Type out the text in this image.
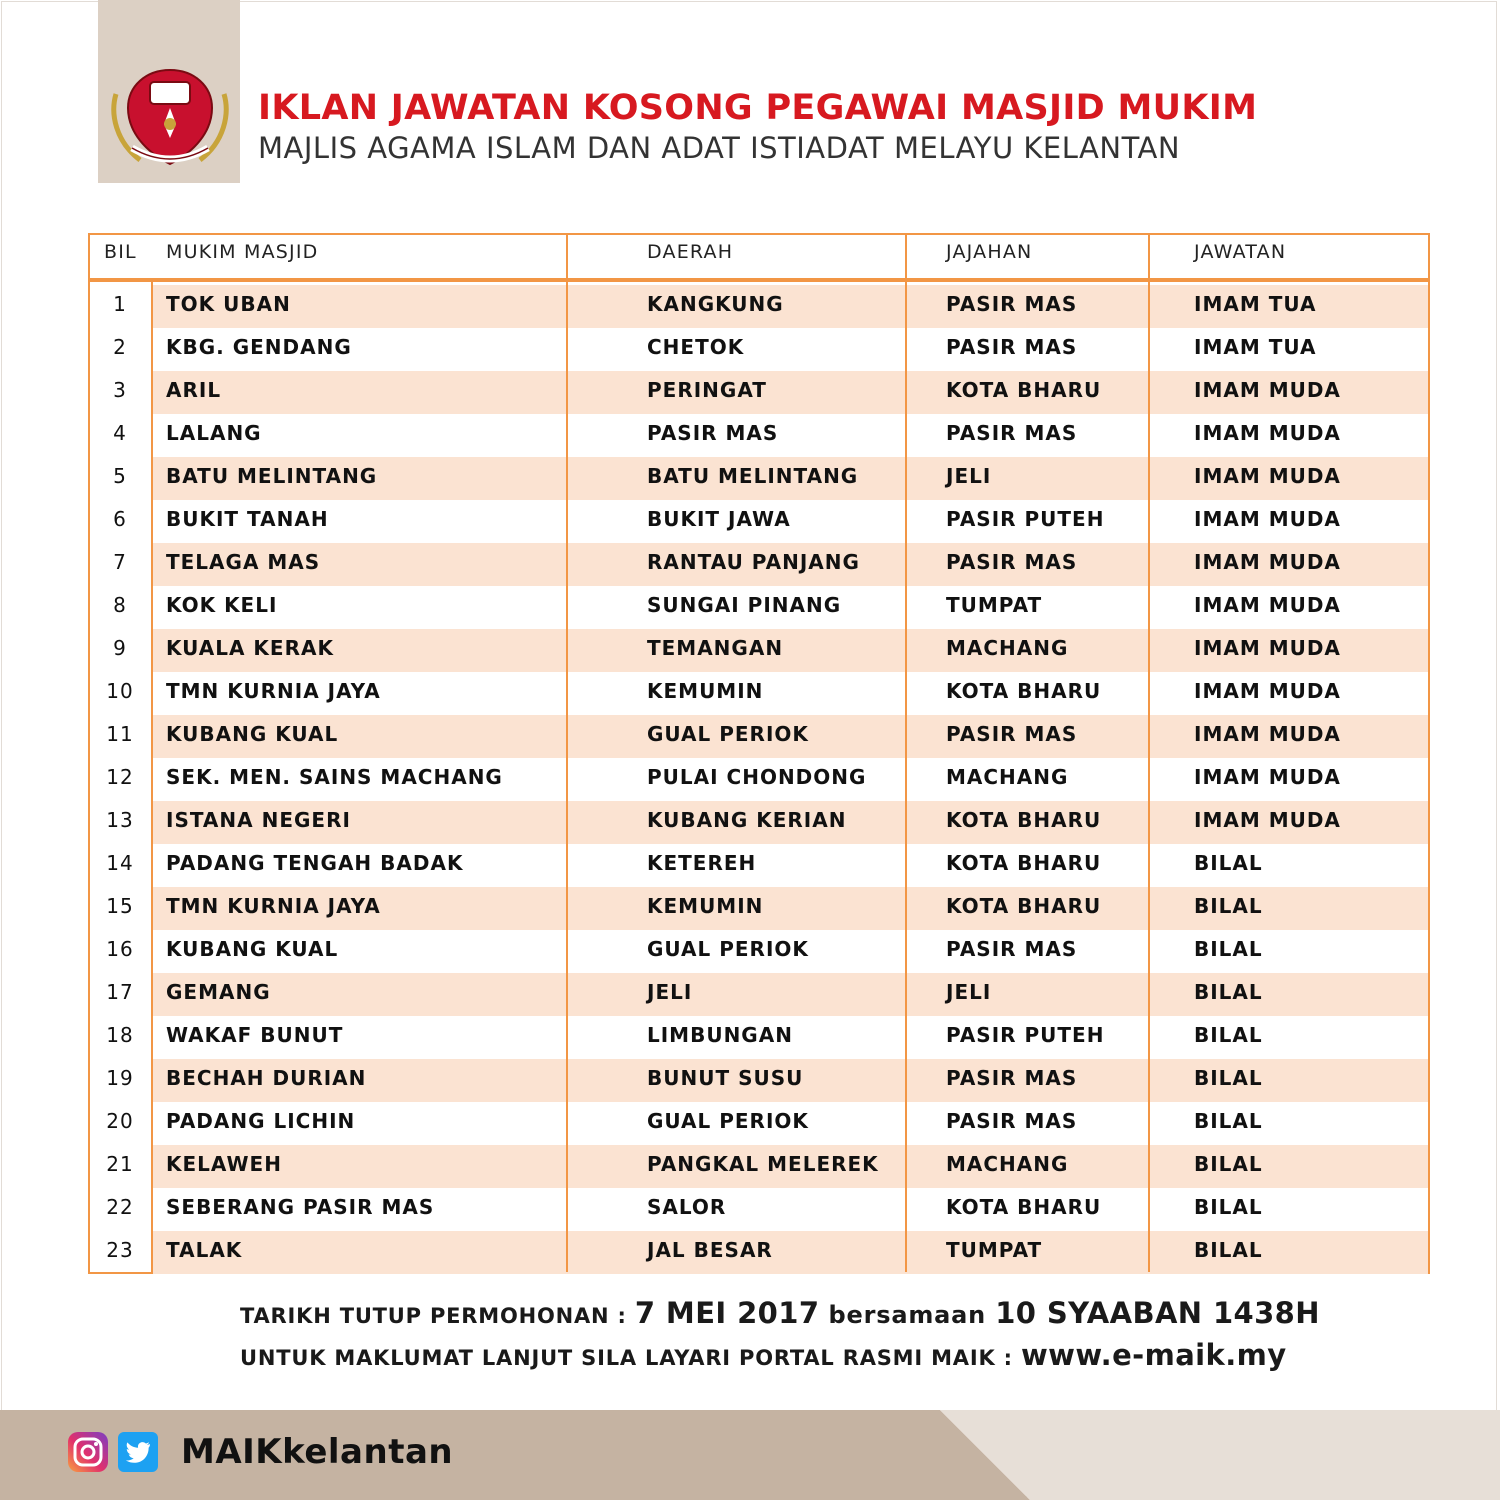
IKLAN JAWATAN KOSONG PEGAWAI MASJID MUKIM
MAJLIS AGAMA ISLAM DAN ADAT ISTIADAT MELAYU KELANTAN
BIL MUKIM MASJID	DAERAH	JAJAHAN	JAWATAN
1	TOK UBAN	KANGKUNG	PASIR MAS	IMAM TUA
2	KBG. GENDANG	CHETOK	PASIR MAS	IMAM TUA
3	ARIL	PERINGAT	KOTA BHARU	IMAM MUDA
4	LALANG	PASIR MAS	PASIR MAS	IMAM MUDA
5	BATU MELINTANG	BATU MELINTANG	JELI	IMAM MUDA
6	BUKIT TANAH	BUKIT JAWA	PASIR PUTEH	IMAM MUDA
7	TELAGA MAS	RANTAU PANJANG	PASIR MAS	IMAM MUDA
8	KOK KELI	SUNGAI PINANG	TUMPAT	IMAM MUDA
9	KUALA KERAK	TEMANGAN	MACHANG	IMAM MUDA
10	TMN KURNIA JAYA	KEMUMIN	KOTA BHARU	IMAM MUDA
11	KUBANG KUAL	GUAL PERIOK	PASIR MAS	IMAM MUDA
12	SEK. MEN. SAINS MACHANG	PULAI CHONDONG	MACHANG	IMAM MUDA
13	ISTANA NEGERI	KUBANG KERIAN	KOTA BHARU	IMAM MUDA
14	PADANG TENGAH BADAK	KETEREH	KOTA BHARU	BILAL
15	TMN KURNIA JAYA	KEMUMIN	KOTA BHARU	BILAL
16	KUBANG KUAL	GUAL PERIOK	PASIR MAS	BILAL
17	GEMANG	JELI	JELI	BILAL
18	WAKAF BUNUT	LIMBUNGAN	PASIR PUTEH	BILAL
19	BECHAH DURIAN	BUNUT SUSU	PASIR MAS	BILAL
20	PADANG LICHIN	GUAL PERIOK	PASIR MAS	BILAL
21	KELAWEH	PANGKAL MELEREK	MACHANG	BILAL
22	SEBERANG PASIR MAS	SALOR	KOTA BHARU	BILAL
23	TALAK	JAL BESAR	TUMPAT	BILAL
TARIKH TUTUP PERMOHONAN : 7 MEI 2017 bersamaan 10 SYAABAN 1438H
UNTUK MAKLUMAT LANJUT SILA LAYARI PORTAL RASMI MAIK : www.e-maik.my
MAIKkelantan
